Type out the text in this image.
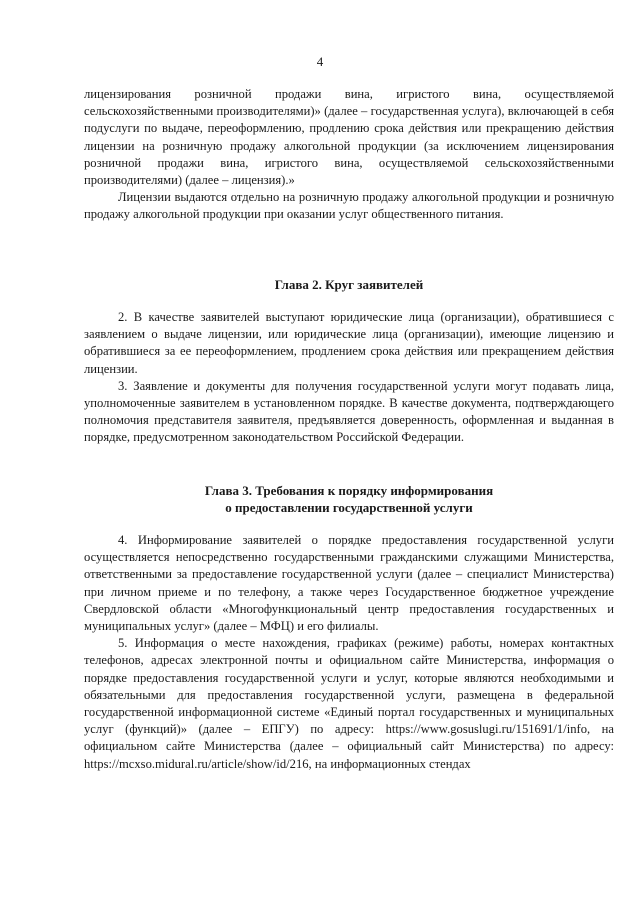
4

лицензирования розничной продажи вина, игристого вина, осуществляемой сельскохозяйственными производителями)» (далее – государственная услуга), включающей в себя подуслуги по выдаче, переоформлению, продлению срока действия или прекращению действия лицензии на розничную продажу алкогольной продукции (за исключением лицензирования розничной продажи вина, игристого вина, осуществляемой сельскохозяйственными производителями) (далее – лицензия).»

Лицензии выдаются отдельно на розничную продажу алкогольной продукции и розничную продажу алкогольной продукции при оказании услуг общественного питания.

Глава 2. Круг заявителей

2. В качестве заявителей выступают юридические лица (организации), обратившиеся с заявлением о выдаче лицензии, или юридические лица (организации), имеющие лицензию и обратившиеся за ее переоформлением, продлением срока действия или прекращением действия лицензии.

3. Заявление и документы для получения государственной услуги могут подавать лица, уполномоченные заявителем в установленном порядке. В качестве документа, подтверждающего полномочия представителя заявителя, предъявляется доверенность, оформленная и выданная в порядке, предусмотренном законодательством Российской Федерации.

Глава 3. Требования к порядку информирования

о предоставлении государственной услуги

4. Информирование заявителей о порядке предоставления государственной услуги осуществляется непосредственно государственными гражданскими служащими Министерства, ответственными за предоставление государственной услуги (далее – специалист Министерства) при личном приеме и по телефону, а также через Государственное бюджетное учреждение Свердловской области «Многофункциональный центр предоставления государственных и муниципальных услуг» (далее – МФЦ) и его филиалы.

5. Информация о месте нахождения, графиках (режиме) работы, номерах контактных телефонов, адресах электронной почты и официальном сайте Министерства, информация о порядке предоставления государственной услуги и услуг, которые являются необходимыми и обязательными для предоставления государственной услуги, размещена в федеральной государственной информационной системе «Единый портал государственных и муниципальных услуг (функций)» (далее – ЕПГУ) по адресу: https://www.gosuslugi.ru/151691/1/info, на официальном сайте Министерства (далее – официальный сайт Министерства) по адресу: https://mcxso.midural.ru/article/show/id/216, на информационных стендах
